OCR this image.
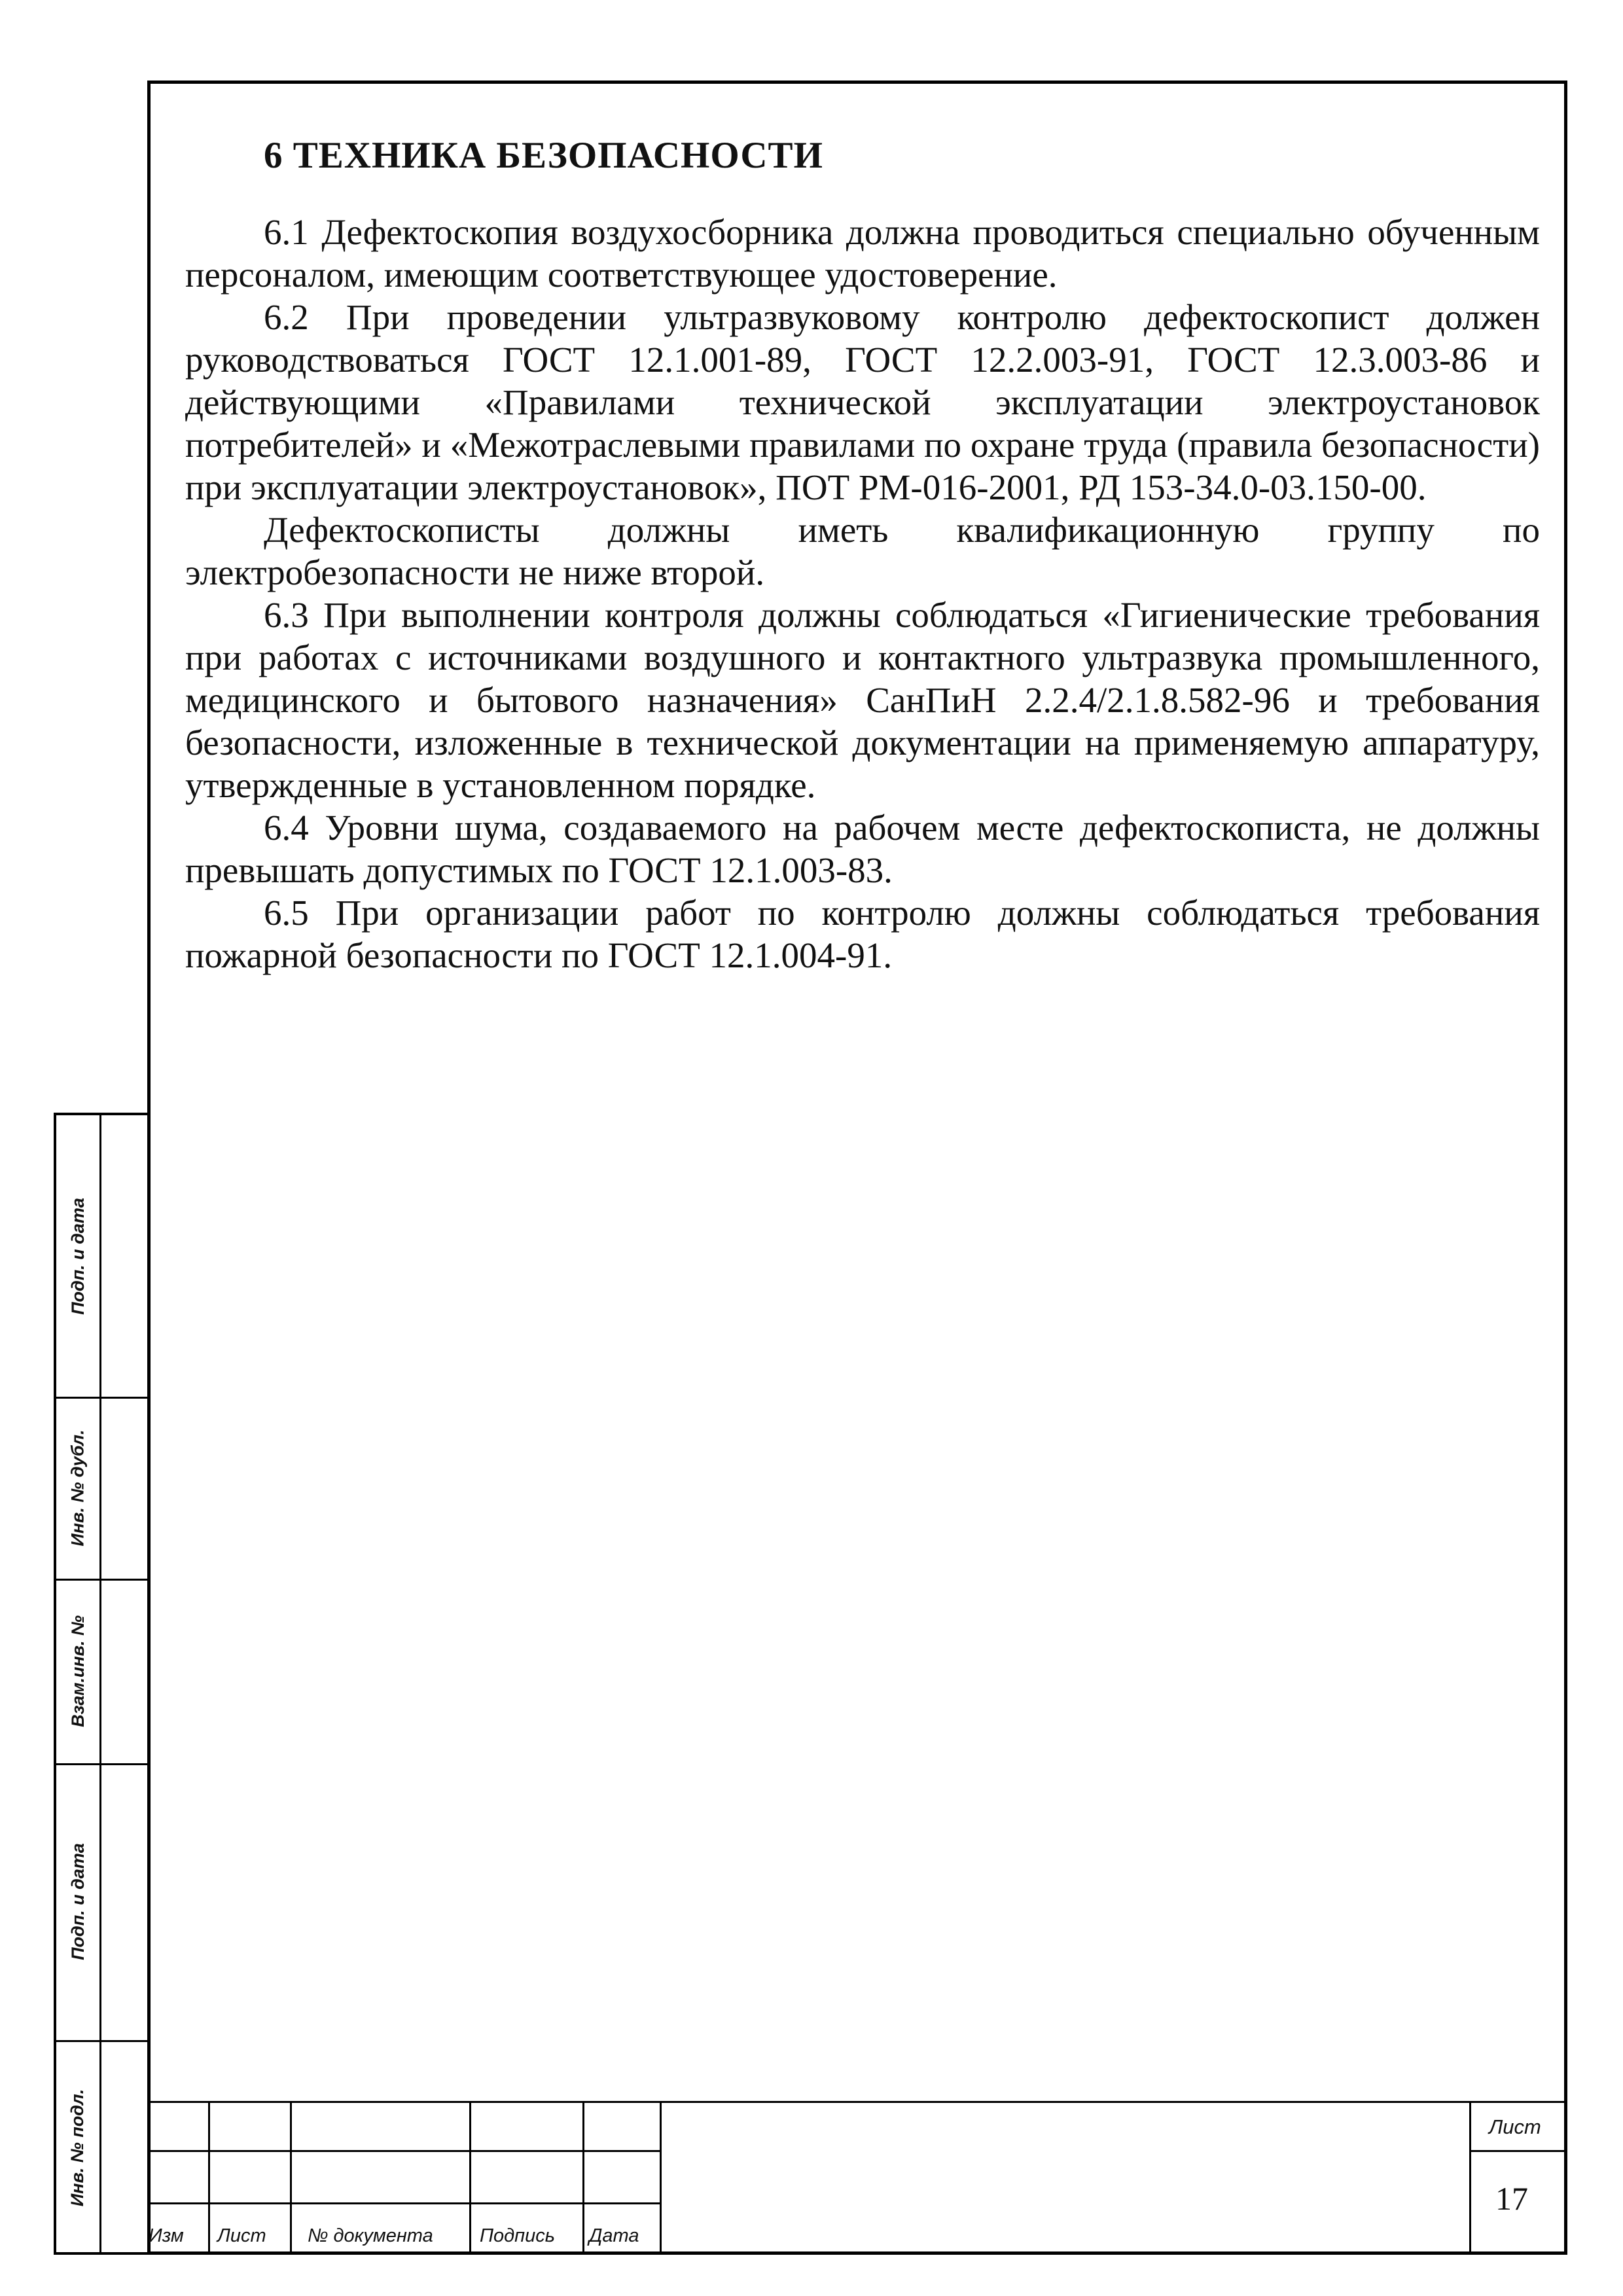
6 ТЕХНИКА БЕЗОПАСНОСТИ

6.1 Дефектоскопия воздухосборника должна проводиться специально обученным персоналом, имеющим соответствующее удостоверение.

6.2 При проведении ультразвуковому контролю дефектоскопист должен руководствоваться ГОСТ 12.1.001-89, ГОСТ 12.2.003-91, ГОСТ 12.3.003-86 и действующими «Правилами технической эксплуатации электроустановок потребителей» и «Межотраслевыми правилами по охране труда (правила безопасности) при эксплуатации электроустановок», ПОТ РМ-016-2001, РД 153-34.0-03.150-00.

Дефектоскописты должны иметь квалификационную группу по электробезопасности не ниже второй.

6.3 При выполнении контроля должны соблюдаться «Гигиенические требования при работах с источниками воздушного и контактного ультразвука промышленного, медицинского и бытового назначения» СанПиН 2.2.4/2.1.8.582-96 и требования безопасности, изложенные в технической документации на применяемую аппаратуру, утвержденные в установленном порядке.

6.4 Уровни шума, создаваемого на рабочем месте дефектоскописта, не должны превышать допустимых по ГОСТ 12.1.003-83.

6.5 При организации работ по контролю должны соблюдаться требования пожарной безопасности по ГОСТ 12.1.004-91.

Подп. и дата
Инв. № дубл.
Взам.инв. №
Подп. и дата
Инв. № подл.
Изм Лист № документа Подпись Дата
Лист
17
